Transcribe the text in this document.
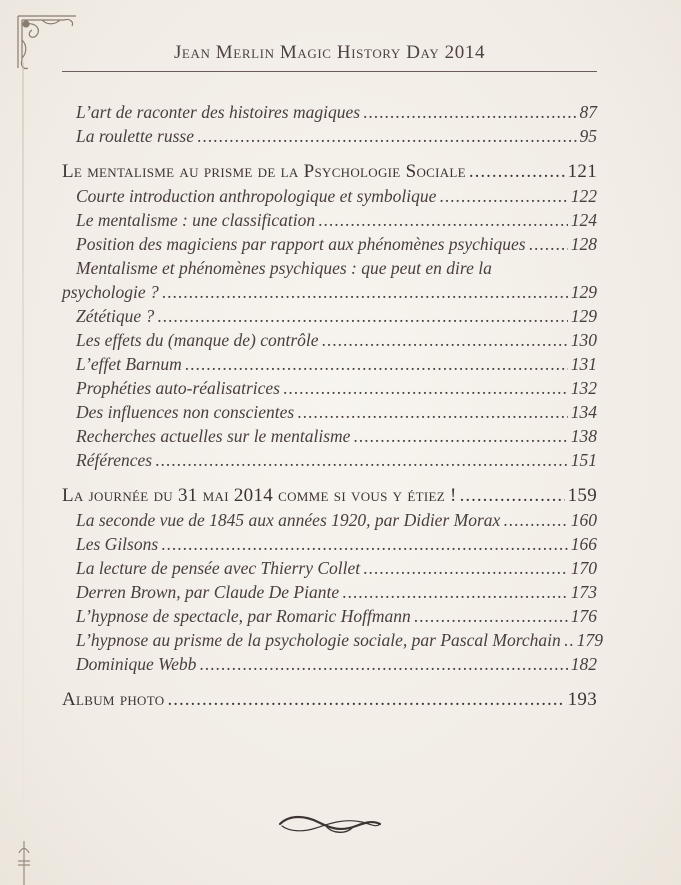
Jean Merlin Magic History Day 2014
L’art de raconter des histoires magiques .....	87
La roulette russe .....	95
Le mentalisme au prisme de la Psychologie Sociale .....	121
Courte introduction anthropologique et symbolique .....	122
Le mentalisme : une classification .....	124
Position des magiciens par rapport aux phénomènes psychiques .....	128
Mentalisme et phénomènes psychiques : que peut en dire la
psychologie ? .....	129
Zététique ? .....	129
Les effets du (manque de) contrôle .....	130
L’effet Barnum .....	131
Prophéties auto-réalisatrices .....	132
Des influences non conscientes .....	134
Recherches actuelles sur le mentalisme .....	138
Références .....	151
La journée du 31 mai 2014 comme si vous y étiez ! .....	159
La seconde vue de 1845 aux années 1920, par Didier Morax .....	160
Les Gilsons .....	166
La lecture de pensée avec Thierry Collet .....	170
Derren Brown, par Claude De Piante .....	173
L’hypnose de spectacle, par Romaric Hoffmann .....	176
L’hypnose au prisme de la psychologie sociale, par Pascal Morchain ..... 179
Dominique Webb .....	182
Album photo .....	193
